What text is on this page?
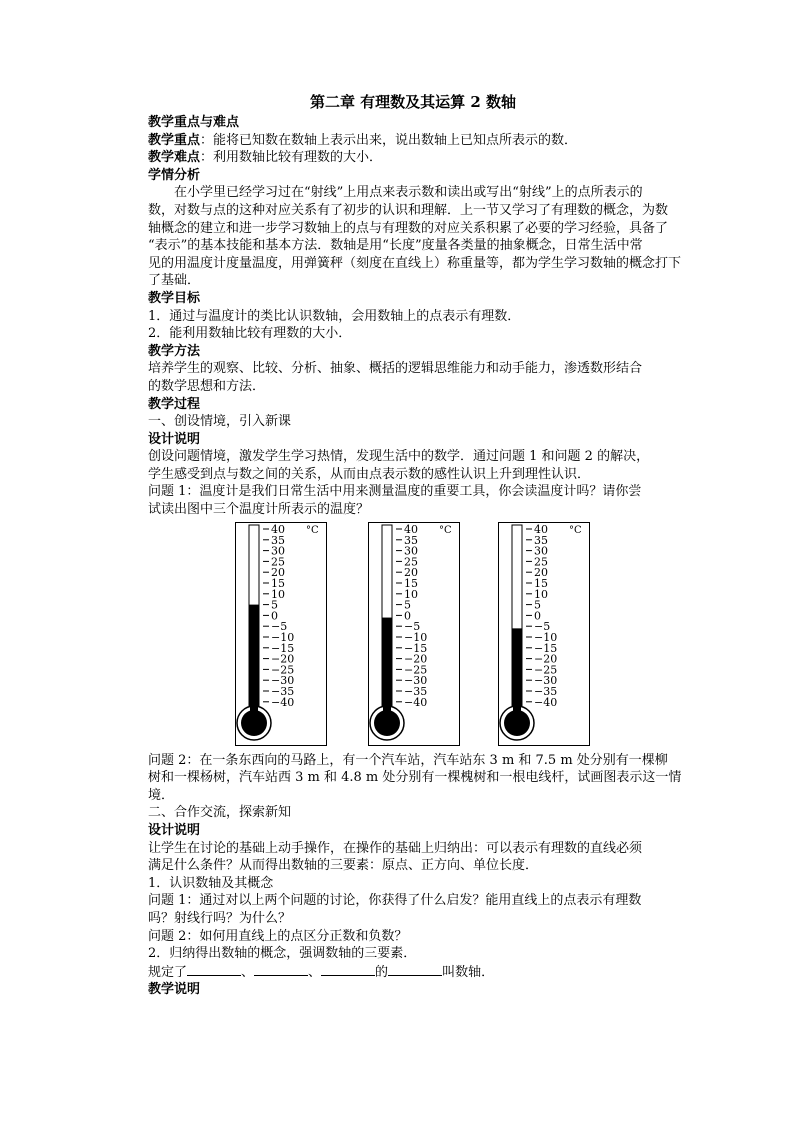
第二章 有理数及其运算 2 数轴
教学重点与难点
教学重点：能将已知数在数轴上表示出来，说出数轴上已知点所表示的数．
教学难点：利用数轴比较有理数的大小．
学情分析
在小学里已经学习过在“射线”上用点来表示数和读出或写出“射线”上的点所表示的
数，对数与点的这种对应关系有了初步的认识和理解．上一节又学习了有理数的概念，为数
轴概念的建立和进一步学习数轴上的点与有理数的对应关系积累了必要的学习经验，具备了
“表示”的基本技能和基本方法．数轴是用“长度”度量各类量的抽象概念，日常生活中常
见的用温度计度量温度，用弹簧秤（刻度在直线上）称重量等，都为学生学习数轴的概念打下
了基础．
教学目标
1．通过与温度计的类比认识数轴，会用数轴上的点表示有理数．
2．能利用数轴比较有理数的大小．
教学方法
培养学生的观察、比较、分析、抽象、概括的逻辑思维能力和动手能力，渗透数形结合
的数学思想和方法．
教学过程
一、创设情境，引入新课
设计说明
创设问题情境，激发学生学习热情，发现生活中的数学．通过问题 1 和问题 2 的解决，
学生感受到点与数之间的关系，从而由点表示数的感性认识上升到理性认识．
问题 1：温度计是我们日常生活中用来测量温度的重要工具，你会读温度计吗？请你尝
试读出图中三个温度计所表示的温度？
40
35
30
25
20
15
10
5
0
−5
−10
−15
−20
−25
−30
−35
−40
°C	40
35
30
25
20
15
10
5
0
−5
−10
−15
−20
−25
−30
−35
−40
°C	40
35
30
25
20
15
10
5
0
−5
−10
−15
−20
−25
−30
−35
−40
°C
问题 2：在一条东西向的马路上，有一个汽车站，汽车站东 3 m 和 7.5 m 处分别有一棵柳
树和一棵杨树，汽车站西 3 m 和 4.8 m 处分别有一棵槐树和一根电线杆，试画图表示这一情
境．
二、合作交流，探索新知
设计说明
让学生在讨论的基础上动手操作，在操作的基础上归纳出：可以表示有理数的直线必须
满足什么条件？从而得出数轴的三要素：原点、正方向、单位长度．
1．认识数轴及其概念
问题 1：通过对以上两个问题的讨论，你获得了什么启发？能用直线上的点表示有理数
吗？射线行吗？为什么？
问题 2：如何用直线上的点区分正数和负数？
2．归纳得出数轴的概念，强调数轴的三要素．
规定了	、	、	的	叫数轴．
教学说明
